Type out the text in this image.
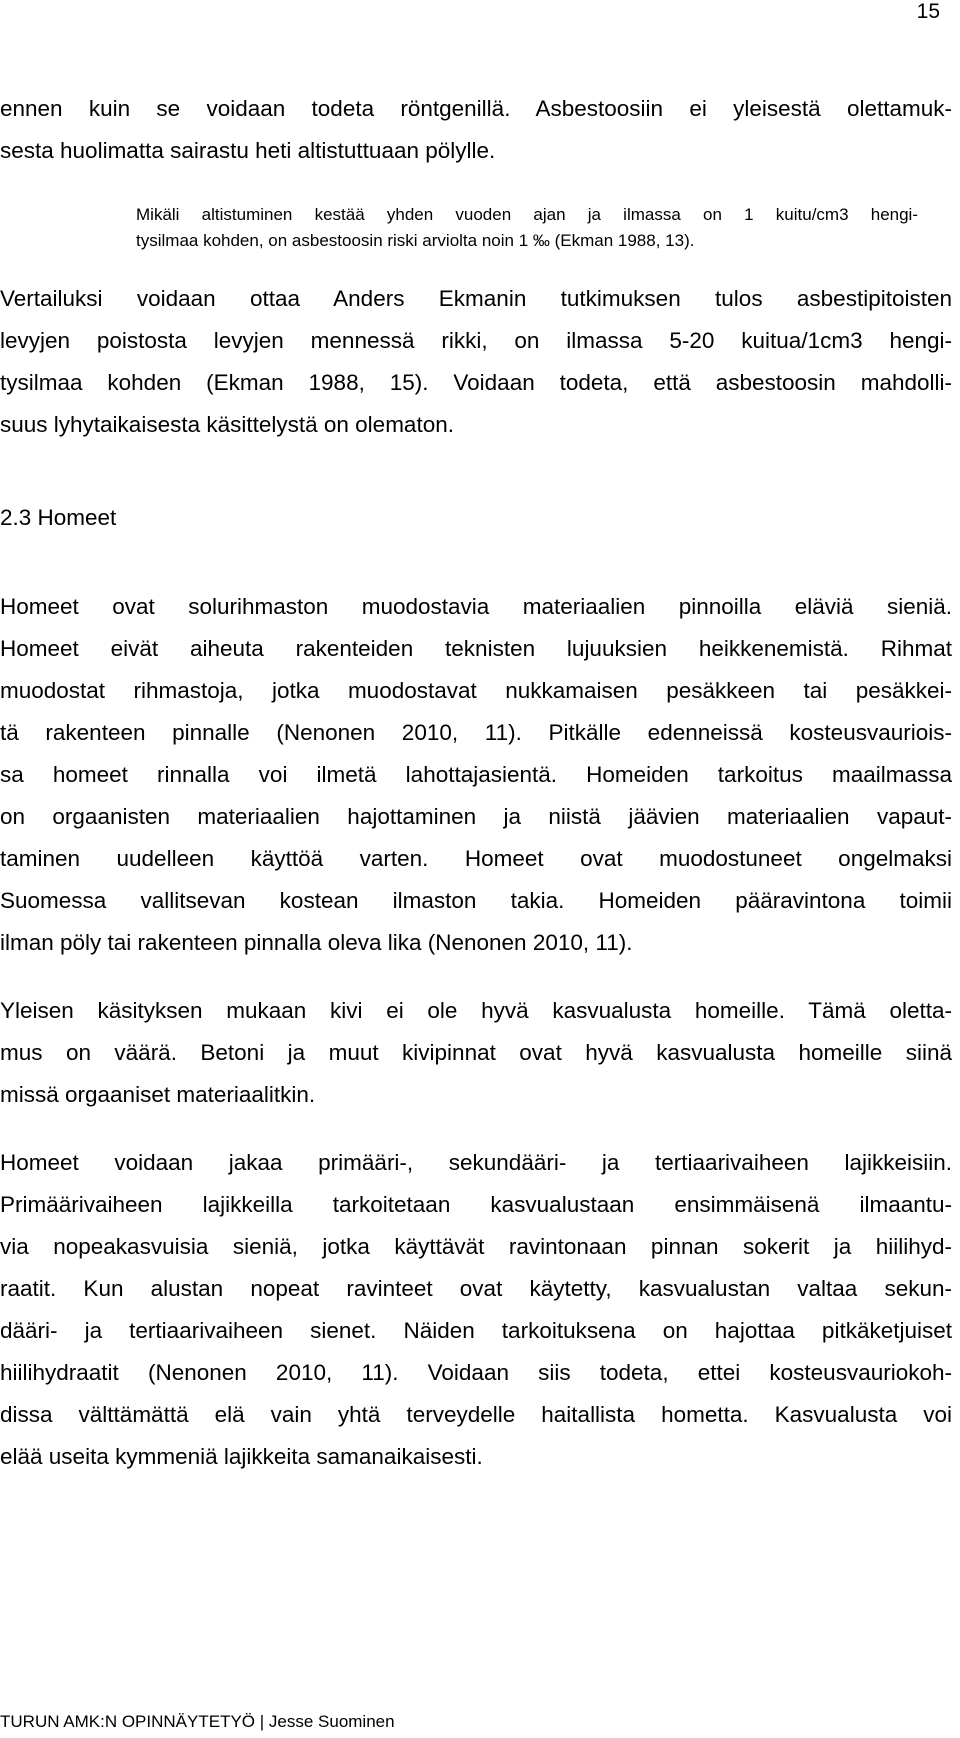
15

ennen kuin se voidaan todeta röntgenillä. Asbestoosiin ei yleisestä olettamuk-

sesta huolimatta sairastu heti altistuttuaan pölylle.

Mikäli altistuminen kestää yhden vuoden ajan ja ilmassa on 1 kuitu/cm3 hengi-
tysilmaa kohden, on asbestoosin riski arviolta noin 1 ‰ (Ekman 1988, 13).

Vertailuksi voidaan ottaa Anders Ekmanin tutkimuksen tulos asbestipitoisten

levyjen poistosta levyjen mennessä rikki, on ilmassa 5-20 kuitua/1cm3 hengi-

tysilmaa kohden (Ekman 1988, 15). Voidaan todeta, että asbestoosin mahdolli-

suus lyhytaikaisesta käsittelystä on olematon.

2.3 Homeet

Homeet ovat solurihmaston muodostavia materiaalien pinnoilla eläviä sieniä.

Homeet eivät aiheuta rakenteiden teknisten lujuuksien heikkenemistä. Rihmat

muodostat rihmastoja, jotka muodostavat nukkamaisen pesäkkeen tai pesäkkei-

tä rakenteen pinnalle (Nenonen 2010, 11). Pitkälle edenneissä kosteusvauriois-

sa homeet rinnalla voi ilmetä lahottajasientä. Homeiden tarkoitus maailmassa

on orgaanisten materiaalien hajottaminen ja niistä jäävien materiaalien vapaut-

taminen uudelleen käyttöä varten. Homeet ovat muodostuneet ongelmaksi

Suomessa vallitsevan kostean ilmaston takia. Homeiden pääravintona toimii

ilman pöly tai rakenteen pinnalla oleva lika (Nenonen 2010, 11).

Yleisen käsityksen mukaan kivi ei ole hyvä kasvualusta homeille. Tämä oletta-

mus on väärä. Betoni ja muut kivipinnat ovat hyvä kasvualusta homeille siinä

missä orgaaniset materiaalitkin.

Homeet voidaan jakaa primääri-, sekundääri- ja tertiaarivaiheen lajikkeisiin.

Primäärivaiheen lajikkeilla tarkoitetaan kasvualustaan ensimmäisenä ilmaantu-

via nopeakasvuisia sieniä, jotka käyttävät ravintonaan pinnan sokerit ja hiilihyd-

raatit. Kun alustan nopeat ravinteet ovat käytetty, kasvualustan valtaa sekun-

dääri- ja tertiaarivaiheen sienet. Näiden tarkoituksena on hajottaa pitkäketjuiset

hiilihydraatit (Nenonen 2010, 11). Voidaan siis todeta, ettei kosteusvauriokoh-

dissa välttämättä elä vain yhtä terveydelle haitallista hometta. Kasvualusta voi

elää useita kymmeniä lajikkeita samanaikaisesti.

TURUN AMK:N OPINNÄYTETYÖ | Jesse Suominen
